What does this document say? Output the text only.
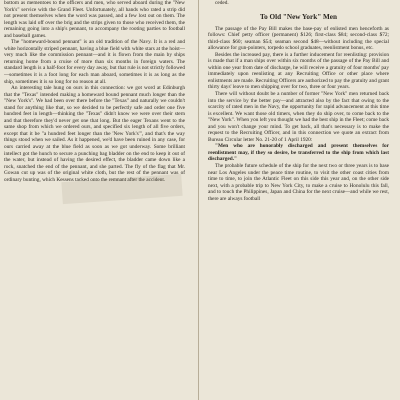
bottom as mementoes to the officers and men, who served aboard during the "New York's" service with the Grand Fleet. Unfortunately, all hands who rated a strip did not present themselves when the word was passed, and a few lost out on them. The length was laid off over the brig and the strips given to those who received them, the remaining going into a ship's pennant, to accompany the rooting parties to football and baseball games.

The "homeward-bound pennant" is an old tradition of the Navy. It is a red and white horizontally striped pennant, having a blue field with white stars at the hoist—very much like the commission pennant—and it is flown from the main by ships returning home from a cruise of more than six months in foreign waters. The standard length is a half-foot for every day away, but that rule is not strictly followed—sometimes it is a foot long for each man aboard, sometimes it is as long as the ship, sometimes it is so long for no reason at all.

An interesting tale hung on ours in this connection: we got word at Edinburgh that the "Texas" intended making a homeward bound pennant much longer than the "New York's". We had been over there before the "Texas" and naturally we couldn't stand for anything like that, so we decided to be perfectly safe and order one five hundred feet in length—thinking the "Texas" didn't know we were over their stern and that therefore they'd never get one that long. But the eager Texans went to the same shop from which we ordered ours, and specified six length of all five orders, except that it be "a hundred feet longer than the 'New York's'", and that's the way things stood when we sailed. As it happened, we'd have been ruined in any case, for ours carried away at the blue field as soon as we got underway. Some brilliant intellect got the hunch to secure a punching bag bladder on the end to keep it out of the water, but instead of having the desired effect, the bladder came down like a rock, snatched the end of the pennant, and she parted. The fly of the flag that Mr. Gowan cut up was of the original white cloth, but the rest of the pennant was of ordinary bunting, which Kessens tacked onto the remnant after the accident.

ceded.

To Old "New York" Men

The passage of the Pay Bill makes the base-pay of enlisted men henceforth as follows: Chief petty officer (permanent) $126; first-class $84; second-class $72; third-class $60; seaman $54; seaman second $48—without including the special allowance for gun-pointers, torpedo school graduates, reenlistment bonus, etc.

Besides the increased pay, there is a further inducement for reenlisting: provision is made that if a man ships over within six months of the passage of the Pay Bill and within one year from date of discharge, he will receive a gratuity of four months' pay immediately upon reenlisting at any Recruiting Office or other place where enlistments are made. Recruiting Officers are authorized to pay the gratuity and grant thirty days' leave to men shipping over for two, three or four years.

There will without doubt be a number of former "New York" men returned back into the service by the better pay—and attracted also by the fact that owing to the scarcity of rated men in the Navy, the opportunity for rapid advancement at this time is excellent. We want those old timers, when they do ship over, to come back to the "New York". When you left you thought we had the best ship in the Fleet; come back and you won't change your mind. To get back, all that's necessary is to make the request to the Recruiting Officer, and in this connection we quote an extract from Bureau Circular letter No. 21-20 of 1 April 1920:

"Men who are honorably discharged and present themselves for reenlistment may, if they so desire, be transferred to the ship from which last discharged."

The probable future schedule of the ship for the next two or three years is to base near Los Angeles under the peace time routine, to visit the other coast cities from time to time, to join the Atlantic Fleet on this side this year and, on the other side next, with a probable trip to New York City, to make a cruise to Honolulu this fall, and to touch the Philippines, Japan and China for the next cruise—and while we rest, there are always football
